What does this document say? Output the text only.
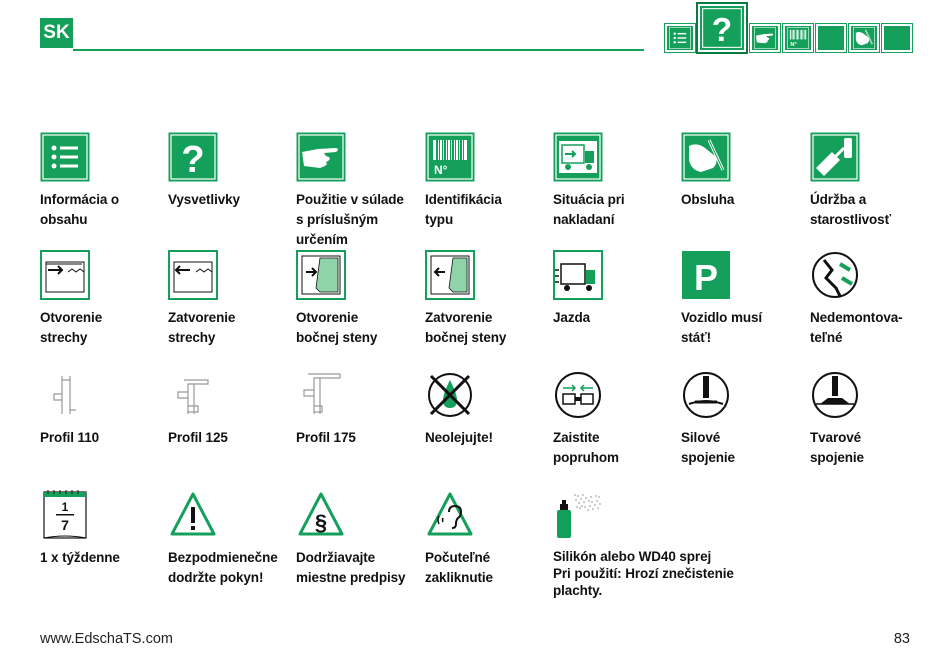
SK	?	N°
Informácia o
obsahu
?
Vysvetlivky	Použitie v súlade
s príslušným
určením
N°
Identifikácia
typu
Situácia pri
nakladaní
Obsluha	Údržba a
starostlivosť
Otvorenie
strechy
Zatvorenie
strechy
Otvorenie
bočnej steny
Zatvorenie
bočnej steny
Jazda
P
Vozidlo musí
stáť!
Nedemontova-
teľné
Profil 110	Profil 125	Profil 175	Neolejujte!	Zaistite
popruhom
Silové
spojenie
Tvarové
spojenie
1
7
1 x týždenne	Bezpodmienečne
dodržte pokyn!
§
Dodržiavajte
miestne predpisy
Počuteľné
zakliknutie
Silikón alebo WD40 sprej
Pri použití: Hrozí znečistenie
plachty.
www.EdschaTS.com	83
